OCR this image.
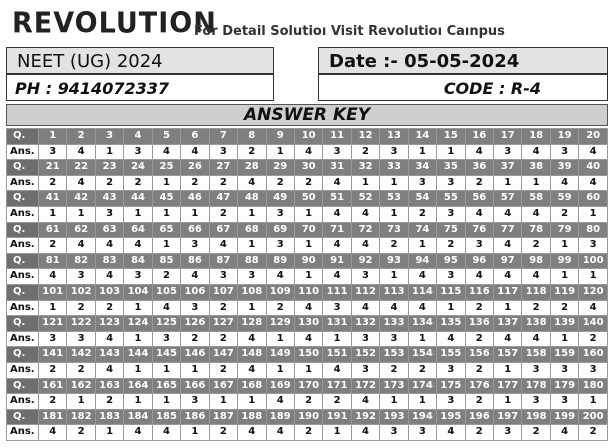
REVOLUTION
For Detail Solutioı Visit Revolutioı Caınpus
NEET (UG) 2024	Date :- 05-05-2024
PH : 9414072337	CODE : R-4
ANSWER KEY
Q.	1	2	3	4	5	6	7	8	9	10	11	12	13	14	15	16	17	18	19	20
Ans.	3	4	1	3	4	4	3	2	1	4	3	2	3	1	1	4	3	4	3	4
Q.	21	22	23	24	25	26	27	28	29	30	31	32	33	34	35	36	37	38	39	40
Ans.	2	4	2	2	1	2	2	4	2	2	4	1	1	3	3	2	1	1	4	4
Q.	41	42	43	44	45	46	47	48	49	50	51	52	53	54	55	56	57	58	59	60
Ans.	1	1	3	1	1	1	2	1	3	1	4	4	1	2	3	4	4	4	2	1
Q.	61	62	63	64	65	66	67	68	69	70	71	72	73	74	75	76	77	78	79	80
Ans.	2	4	4	4	1	3	4	1	3	1	4	4	2	1	2	3	4	2	1	3
Q.	81	82	83	84	85	86	87	88	89	90	91	92	93	94	95	96	97	98	99	100
Ans.	4	3	4	3	2	4	3	3	4	1	4	3	1	4	3	4	4	4	1	1
Q.	101	102	103	104	105	106	107	108	109	110	111	112	113	114	115	116	117	118	119	120
Ans.	1	2	2	1	4	3	2	1	2	4	3	4	4	4	1	2	1	2	2	4
Q.	121	122	123	124	125	126	127	128	129	130	131	132	133	134	135	136	137	138	139	140
Ans.	3	3	4	1	3	2	2	4	1	4	1	3	3	1	4	2	4	4	1	2
Q.	141	142	143	144	145	146	147	148	149	150	151	152	153	154	155	156	157	158	159	160
Ans.	2	2	4	1	1	1	2	4	1	1	4	3	2	2	3	2	1	3	3	3
Q.	161	162	163	164	165	166	167	168	169	170	171	172	173	174	175	176	177	178	179	180
Ans.	2	1	2	1	1	3	1	1	4	2	2	4	1	1	3	2	1	3	3	1
Q.	181	182	183	184	185	186	187	188	189	190	191	192	193	194	195	196	197	198	199	200
Ans.	4	2	1	4	4	1	2	4	4	2	1	4	3	3	4	2	3	2	4	2
